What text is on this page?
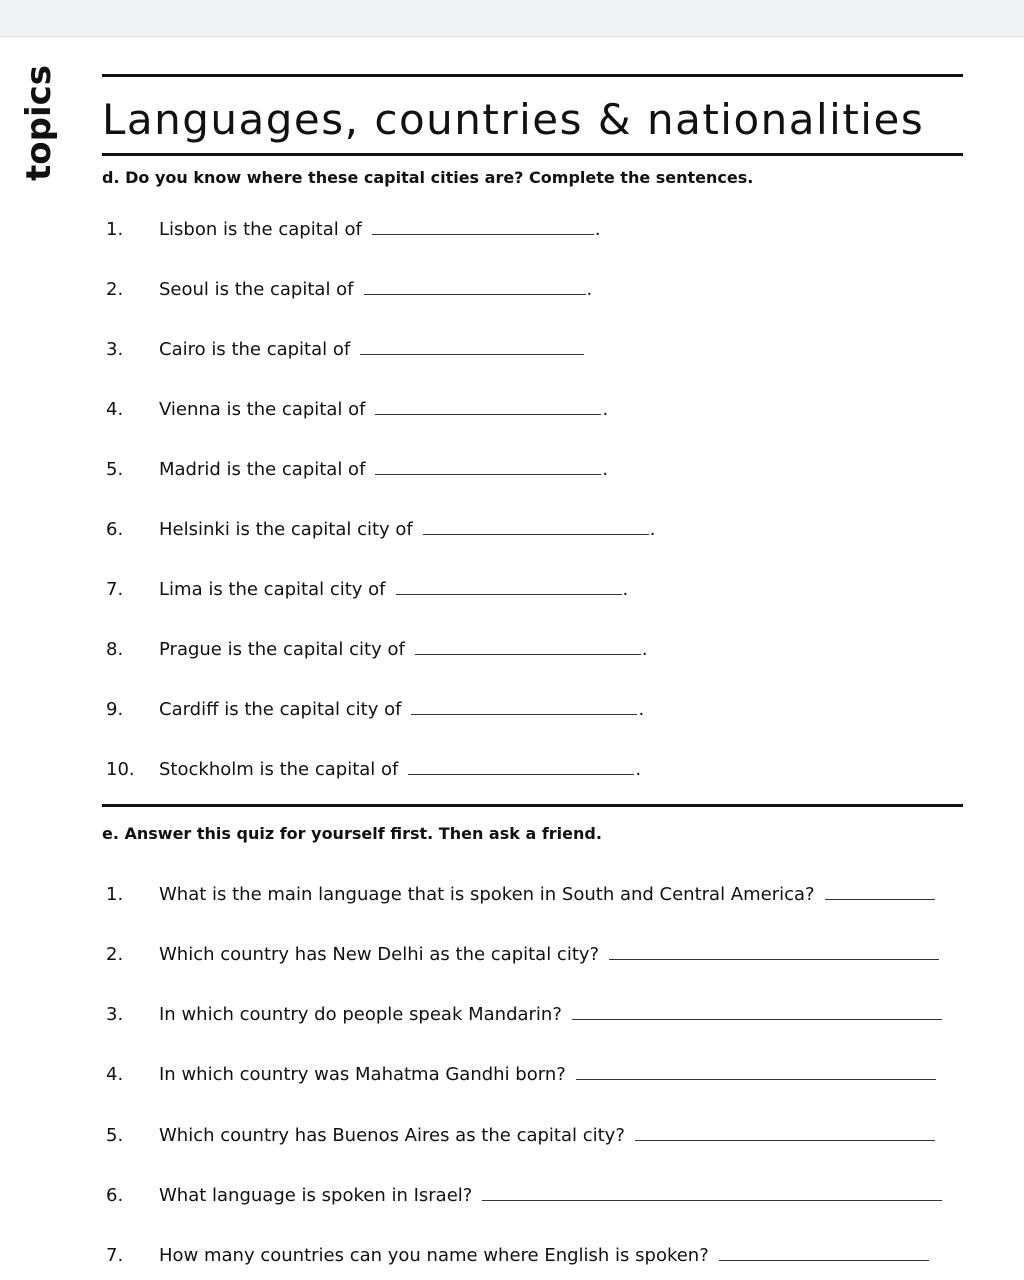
topics Languages, countries & nationalities
d. Do you know where these capital cities are? Complete the sentences.
1.	Lisbon is the capital of	.
2.	Seoul is the capital of	.
3.	Cairo is the capital of
4.	Vienna is the capital of	.
5.	Madrid is the capital of	.
6.	Helsinki is the capital city of	.
7.	Lima is the capital city of	.
8.	Prague is the capital city of	.
9.	Cardiff is the capital city of	.
10.	Stockholm is the capital of	.
e. Answer this quiz for yourself first. Then ask a friend.
1.	What is the main language that is spoken in South and Central America?
2.	Which country has New Delhi as the capital city?
3.	In which country do people speak Mandarin?
4.	In which country was Mahatma Gandhi born?
5.	Which country has Buenos Aires as the capital city?
6.	What language is spoken in Israel?
7.	How many countries can you name where English is spoken?
